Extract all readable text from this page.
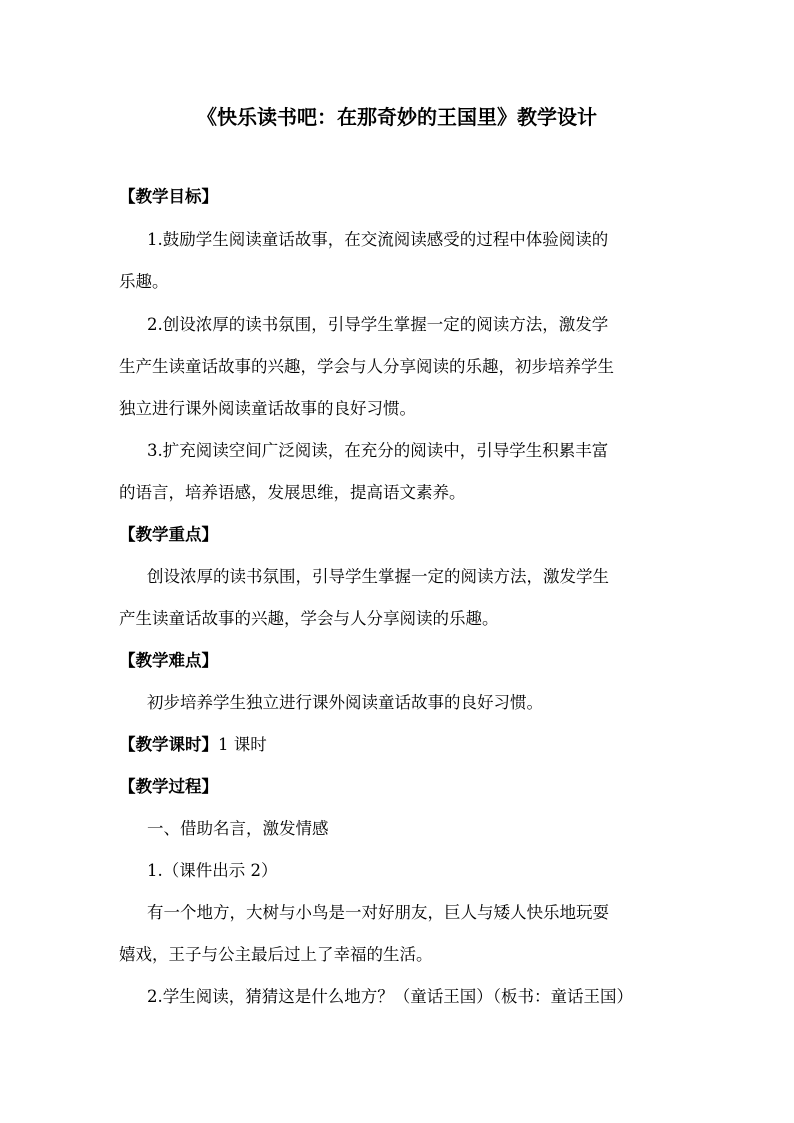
《快乐读书吧：在那奇妙的王国里》教学设计
【教学目标】
1.鼓励学生阅读童话故事，在交流阅读感受的过程中体验阅读的
乐趣。
2.创设浓厚的读书氛围，引导学生掌握一定的阅读方法，激发学
生产生读童话故事的兴趣，学会与人分享阅读的乐趣，初步培养学生
独立进行课外阅读童话故事的良好习惯。
3.扩充阅读空间广泛阅读，在充分的阅读中，引导学生积累丰富
的语言，培养语感，发展思维，提高语文素养。
【教学重点】
创设浓厚的读书氛围，引导学生掌握一定的阅读方法，激发学生
产生读童话故事的兴趣，学会与人分享阅读的乐趣。
【教学难点】
初步培养学生独立进行课外阅读童话故事的良好习惯。
【教学课时】1 课时
【教学过程】
一、借助名言，激发情感
1.（课件出示 2）
有一个地方，大树与小鸟是一对好朋友，巨人与矮人快乐地玩耍
嬉戏，王子与公主最后过上了幸福的生活。
2.学生阅读，猜猜这是什么地方？（童话王国）（板书：童话王国）
